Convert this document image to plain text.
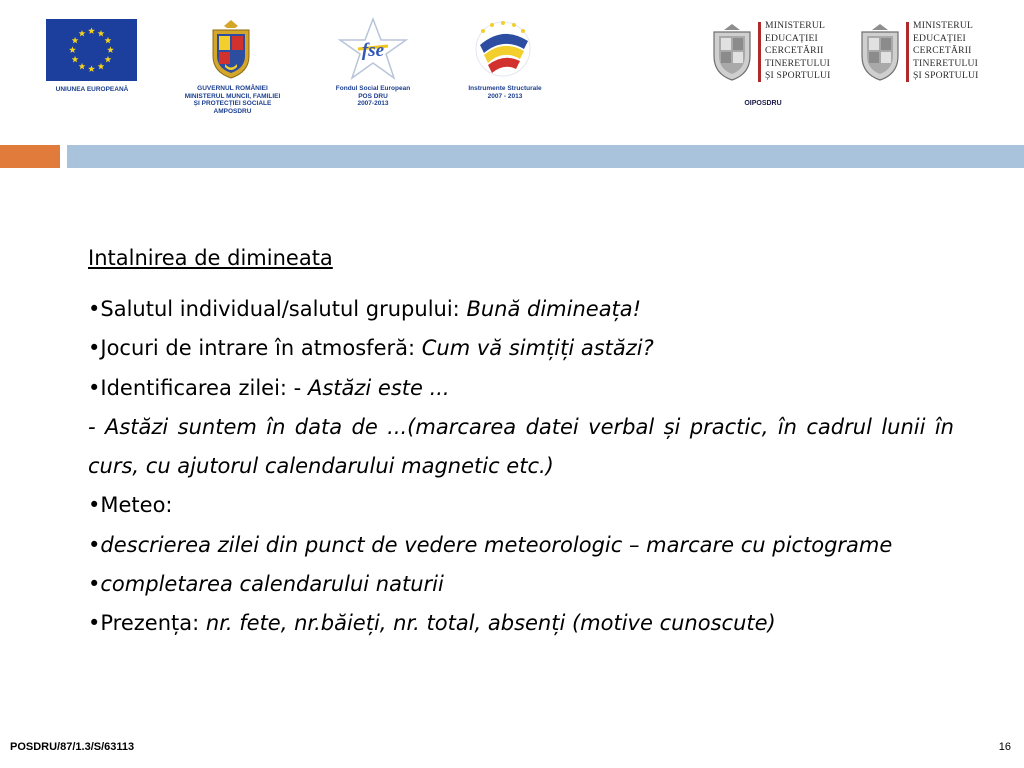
UNIUNEA EUROPEANĂ	GUVERNUL ROMÂNIEI
MINISTERUL MUNCII, FAMILIEI
ȘI PROTECȚIEI SOCIALE
AMPOSDRU
fse
Fondul Social European
POS DRU
2007-2013
Instrumente Structurale
2007 - 2013
MINISTERUL
EDUCAȚIEI
CERCETĂRII
TINERETULUI
ȘI SPORTULUI
MINISTERUL
EDUCAȚIEI
CERCETĂRII
TINERETULUI
ȘI SPORTULUI
OIPOSDRU

Intalnirea de dimineata

•Salutul individual/salutul grupului: Bună dimineața!

•Jocuri de intrare în atmosferă: Cum vă simțiți astăzi?

•Identificarea zilei: - Astăzi este ...

- Astăzi suntem în data de ...(marcarea datei verbal și practic, în cadrul lunii în curs, cu ajutorul calendarului magnetic etc.)

•Meteo:

•descrierea zilei din punct de vedere meteorologic – marcare cu pictograme

•completarea calendarului naturii

•Prezența: nr. fete, nr.băieți, nr. total, absenți (motive cunoscute)

POSDRU/87/1.3/S/63113	16
